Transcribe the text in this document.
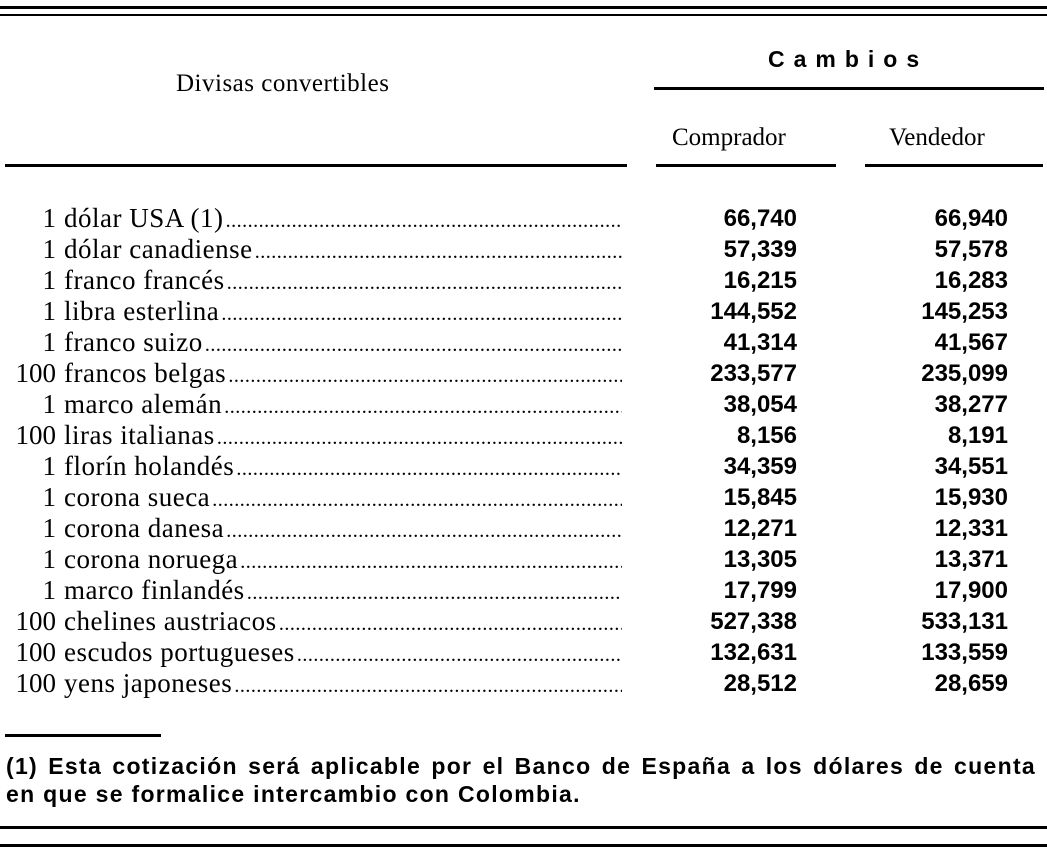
Divisas convertibles
Cambios
Comprador	Vendedor
1 dólar USA (1) . . .	66,740	66,940
1 dólar canadiense . . .	57,339	57,578
1 franco francés . . .	16,215	16,283
1 libra esterlina . . .	144,552	145,253
1 franco suizo . . .	41,314	41,567
100 francos belgas . . .	233,577	235,099
1 marco alemán . . .	38,054	38,277
100 liras italianas . . .	8,156	8,191
1 florín holandés . . .	34,359	34,551
1 corona sueca . . .	15,845	15,930
1 corona danesa . . .	12,271	12,331
1 corona noruega . . .	13,305	13,371
1 marco finlandés . . .	17,799	17,900
100 chelines austriacos . . .	527,338	533,131
100 escudos portugueses . . .	132,631	133,559
100 yens japoneses . . .	28,512	28,659
(1) Esta cotización será aplicable por el Banco de España a los dólares de cuenta en que se formalice intercambio con Colombia.
